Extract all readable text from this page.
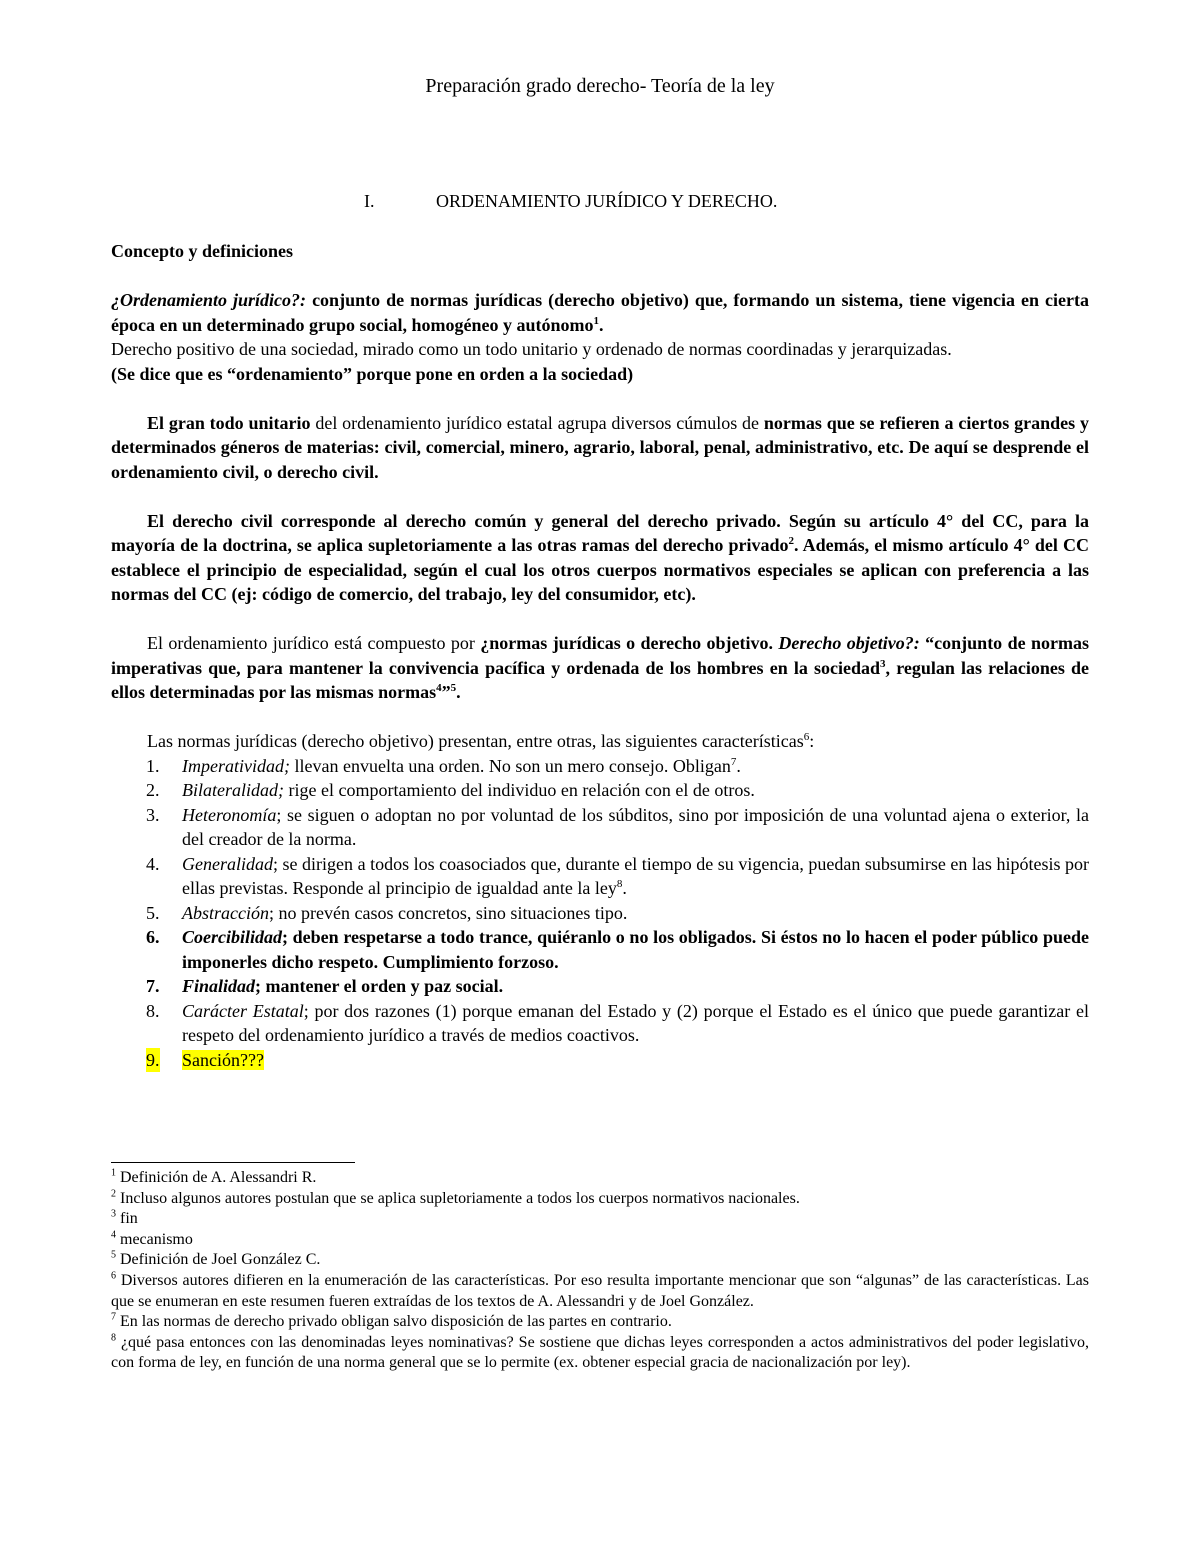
Preparación grado derecho- Teoría de la ley
I.	ORDENAMIENTO JURÍDICO Y DERECHO.

Concepto y definiciones

¿Ordenamiento jurídico?: conjunto de normas jurídicas (derecho objetivo) que, formando un sistema, tiene vigencia en cierta época en un determinado grupo social, homogéneo y autónomo$^1$.

Derecho positivo de una sociedad, mirado como un todo unitario y ordenado de normas coordinadas y jerarquizadas.

(Se dice que es “ordenamiento” porque pone en orden a la sociedad)

El gran todo unitario del ordenamiento jurídico estatal agrupa diversos cúmulos de normas que se refieren a ciertos grandes y determinados géneros de materias: civil, comercial, minero, agrario, laboral, penal, administrativo, etc. De aquí se desprende el ordenamiento civil, o derecho civil.

El derecho civil corresponde al derecho común y general del derecho privado. Según su artículo 4° del CC, para la mayoría de la doctrina, se aplica supletoriamente a las otras ramas del derecho privado$^2$. Además, el mismo artículo 4° del CC establece el principio de especialidad, según el cual los otros cuerpos normativos especiales se aplican con preferencia a las normas del CC (ej: código de comercio, del trabajo, ley del consumidor, etc).

El ordenamiento jurídico está compuesto por ¿normas jurídicas o derecho objetivo. Derecho objetivo?: “conjunto de normas imperativas que, para mantener la convivencia pacífica y ordenada de los hombres en la sociedad$^3$, regulan las relaciones de ellos determinadas por las mismas normas$^4$”$^5$.

Las normas jurídicas (derecho objetivo) presentan, entre otras, las siguientes características$^6$:

1. Imperatividad; llevan envuelta una orden. No son un mero consejo. Obligan$^7$.
2. Bilateralidad; rige el comportamiento del individuo en relación con el de otros.
3. Heteronomía; se siguen o adoptan no por voluntad de los súbditos, sino por imposición de una voluntad ajena o exterior, la del creador de la norma.
4. Generalidad; se dirigen a todos los coasociados que, durante el tiempo de su vigencia, puedan subsumirse en las hipótesis por ellas previstas. Responde al principio de igualdad ante la ley$^8$.
5. Abstracción; no prevén casos concretos, sino situaciones tipo.
6. Coercibilidad; deben respetarse a todo trance, quiéranlo o no los obligados. Si éstos no lo hacen el poder público puede imponerles dicho respeto. Cumplimiento forzoso.
7. Finalidad; mantener el orden y paz social.
8. Carácter Estatal; por dos razones (1) porque emanan del Estado y (2) porque el Estado es el único que puede garantizar el respeto del ordenamiento jurídico a través de medios coactivos.
9. Sanción???

$^1$ Definición de A. Alessandri R.

$^2$ Incluso algunos autores postulan que se aplica supletoriamente a todos los cuerpos normativos nacionales.

$^3$ fin

$^4$ mecanismo

$^5$ Definición de Joel González C.

$^6$ Diversos autores difieren en la enumeración de las características. Por eso resulta importante mencionar que son “algunas” de las características. Las que se enumeran en este resumen fueren extraídas de los textos de A. Alessandri y de Joel González.

$^7$ En las normas de derecho privado obligan salvo disposición de las partes en contrario.

$^8$ ¿qué pasa entonces con las denominadas leyes nominativas? Se sostiene que dichas leyes corresponden a actos administrativos del poder legislativo, con forma de ley, en función de una norma general que se lo permite (ex. obtener especial gracia de nacionalización por ley).
